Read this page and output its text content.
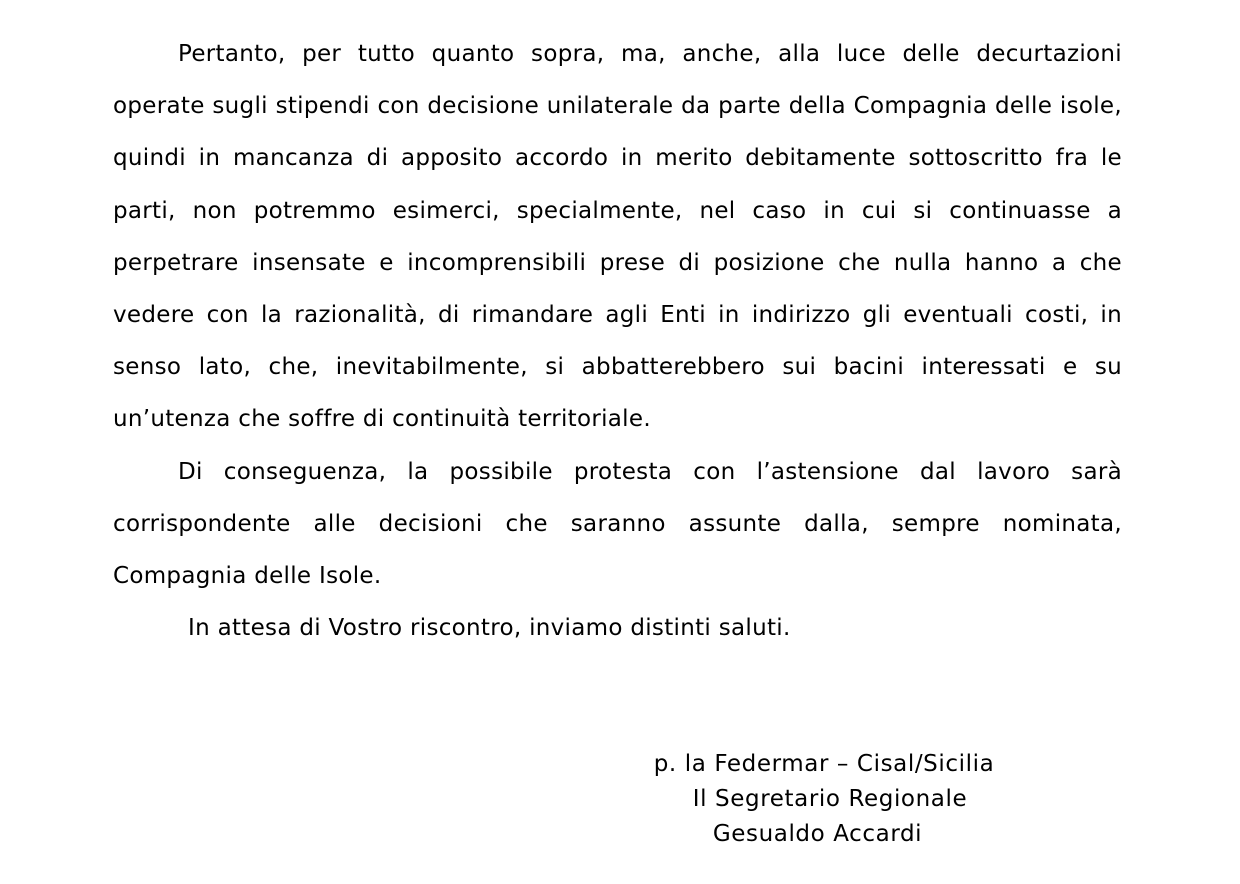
Pertanto, per tutto quanto sopra, ma, anche, alla luce delle decurtazioni operate sugli stipendi con decisione unilaterale da parte della Compagnia delle isole, quindi in mancanza di apposito accordo in merito debitamente sottoscritto fra le parti, non potremmo esimerci, specialmente, nel caso in cui si continuasse a perpetrare insensate e incomprensibili prese di posizione che nulla hanno a che vedere con la razionalità, di rimandare agli Enti in indirizzo gli eventuali costi, in senso lato, che, inevitabilmente, si abbatterebbero sui bacini interessati e su un’utenza che soffre di continuità territoriale.

Di conseguenza, la possibile protesta con l’astensione dal lavoro sarà corrispondente alle decisioni che saranno assunte dalla, sempre nominata, Compagnia delle Isole.

In attesa di Vostro riscontro, inviamo distinti saluti.

p. la Federmar – Cisal/Sicilia
Il Segretario Regionale
Gesualdo Accardi
